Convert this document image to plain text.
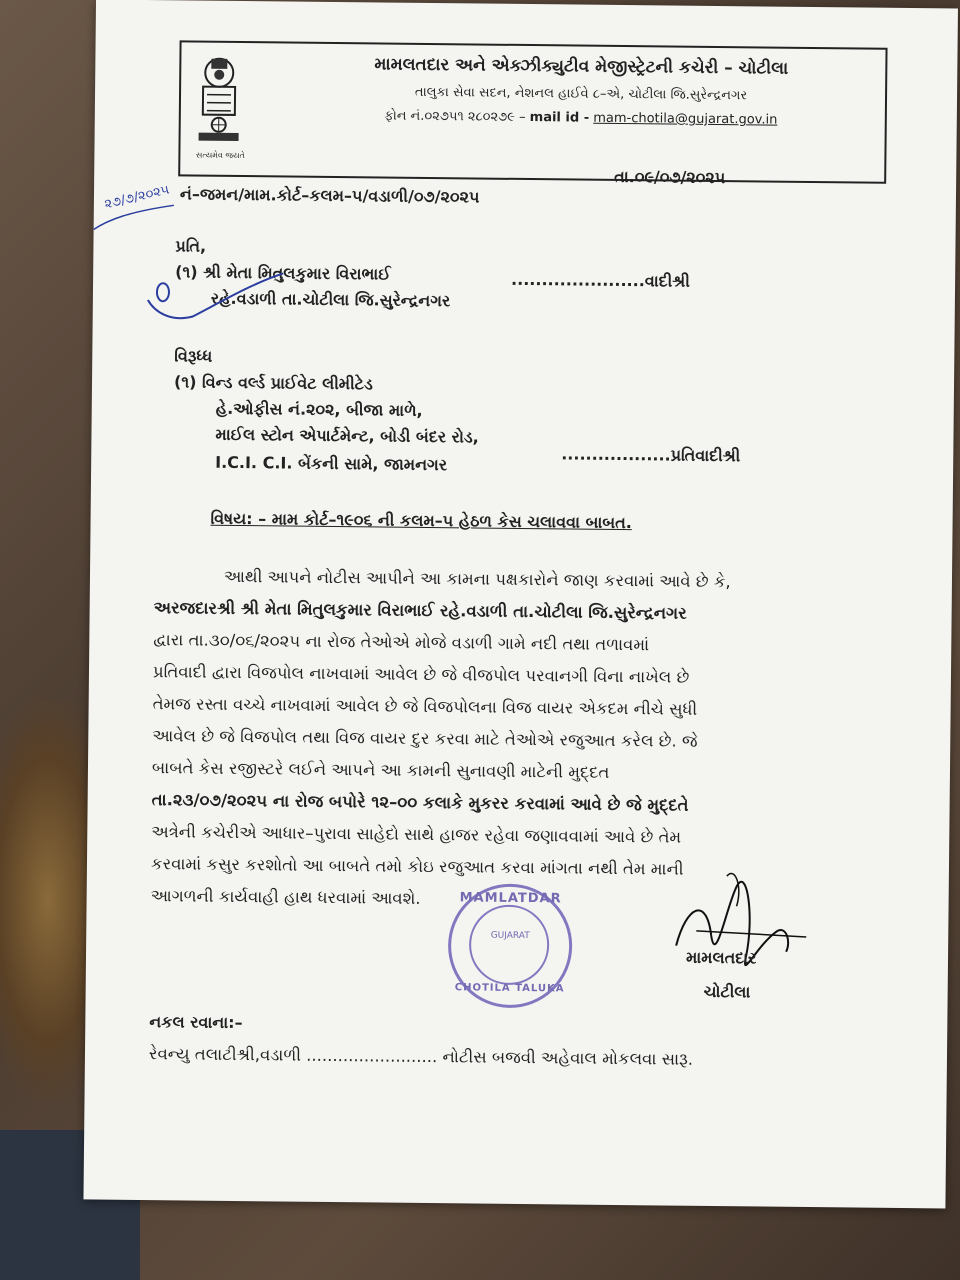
સત્યમેવ જયતે
મામલતદાર અને એક્ઝીક્યુટીવ મેજીસ્ટ્રેટની કચેરી – ચોટીલા
તાલુકા સેવા સદન, નેશનલ હાઈવે ૮–એ, ચોટીલા જિ.સુરેન્દ્રનગર
ફોન નં.૦૨૭૫૧ ૨૮૦૨૭૯ – mail id - mam-chotila@gujarat.gov.in
નં–જમન/મામ.કોર્ટ–કલમ–૫/વડાળી/૦૭/૨૦૨૫
તા.૦૯/૦૭/૨૦૨૫
પ્રતિ,
(૧) શ્રી મેતા મિતુલકુમાર વિરાભાઈ
રહે.વડાળી તા.ચોટીલા જિ.સુરેન્દ્રનગર
......................વાદીશ્રી
વિરૂધ્ધ
(૧) વિન્ડ વર્લ્ડ પ્રાઈવેટ લીમીટેડ
હે.ઓફીસ નં.૨૦૨, બીજા માળે,
માઈલ સ્ટોન એપાર્ટમેન્ટ, બોડી બંદર રોડ,
I.C.I. C.I. બેંકની સામે, જામનગર	..................પ્રતિવાદીશ્રી
વિષય: – મામ કોર્ટ–૧૯૦૬ ની કલમ–૫ હેઠળ કેસ ચલાવવા બાબત.
આથી આપને નોટીસ આપીને આ કામના પક્ષકારોને જાણ કરવામાં આવે છે કે,
અરજદારશ્રી શ્રી મેતા મિતુલકુમાર વિરાભાઈ રહે.વડાળી તા.ચોટીલા જિ.સુરેન્દ્રનગર
દ્વારા તા.૩૦/૦૬/૨૦૨૫ ના રોજ તેઓએ મોજે વડાળી ગામે નદી તથા તળાવમાં
પ્રતિવાદી દ્વારા વિજપોલ નાખવામાં આવેલ છે જે વીજપોલ પરવાનગી વિના નાખેલ છે
તેમજ રસ્તા વચ્ચે નાખવામાં આવેલ છે જે વિજપોલના વિજ વાયર એકદમ નીચે સુધી
આવેલ છે જે વિજપોલ તથા વિજ વાયર દુર કરવા માટે તેઓએ રજુઆત કરેલ છે. જે
બાબતે કેસ રજીસ્ટરે લઈને આપને આ કામની સુનાવણી માટેની મુદ્દત
તા.૨૩/૦૭/૨૦૨૫ ના રોજ બપોરે ૧૨–૦૦ કલાકે મુકરર કરવામાં આવે છે જે મુદ્દતે
અત્રેની કચેરીએ આધાર–પુરાવા સાહેદો સાથે હાજર રહેવા જણાવવામાં આવે છે તેમ
કરવામાં કસુર કરશોતો આ બાબતે તમો કોઇ રજુઆત કરવા માંગતા નથી તેમ માની
આગળની કાર્યવાહી હાથ ધરવામાં આવશે.	MAMLATDAR
GUJARAT
CHOTILA TALUKA
૨૭/૭/૨૦૨૫
મામલતદાર
ચોટીલા
નકલ રવાના:–
રેવન્યુ તલાટીશ્રી,વડાળી ......................... નોટીસ બજવી અહેવાલ મોકલવા સારૂ.
